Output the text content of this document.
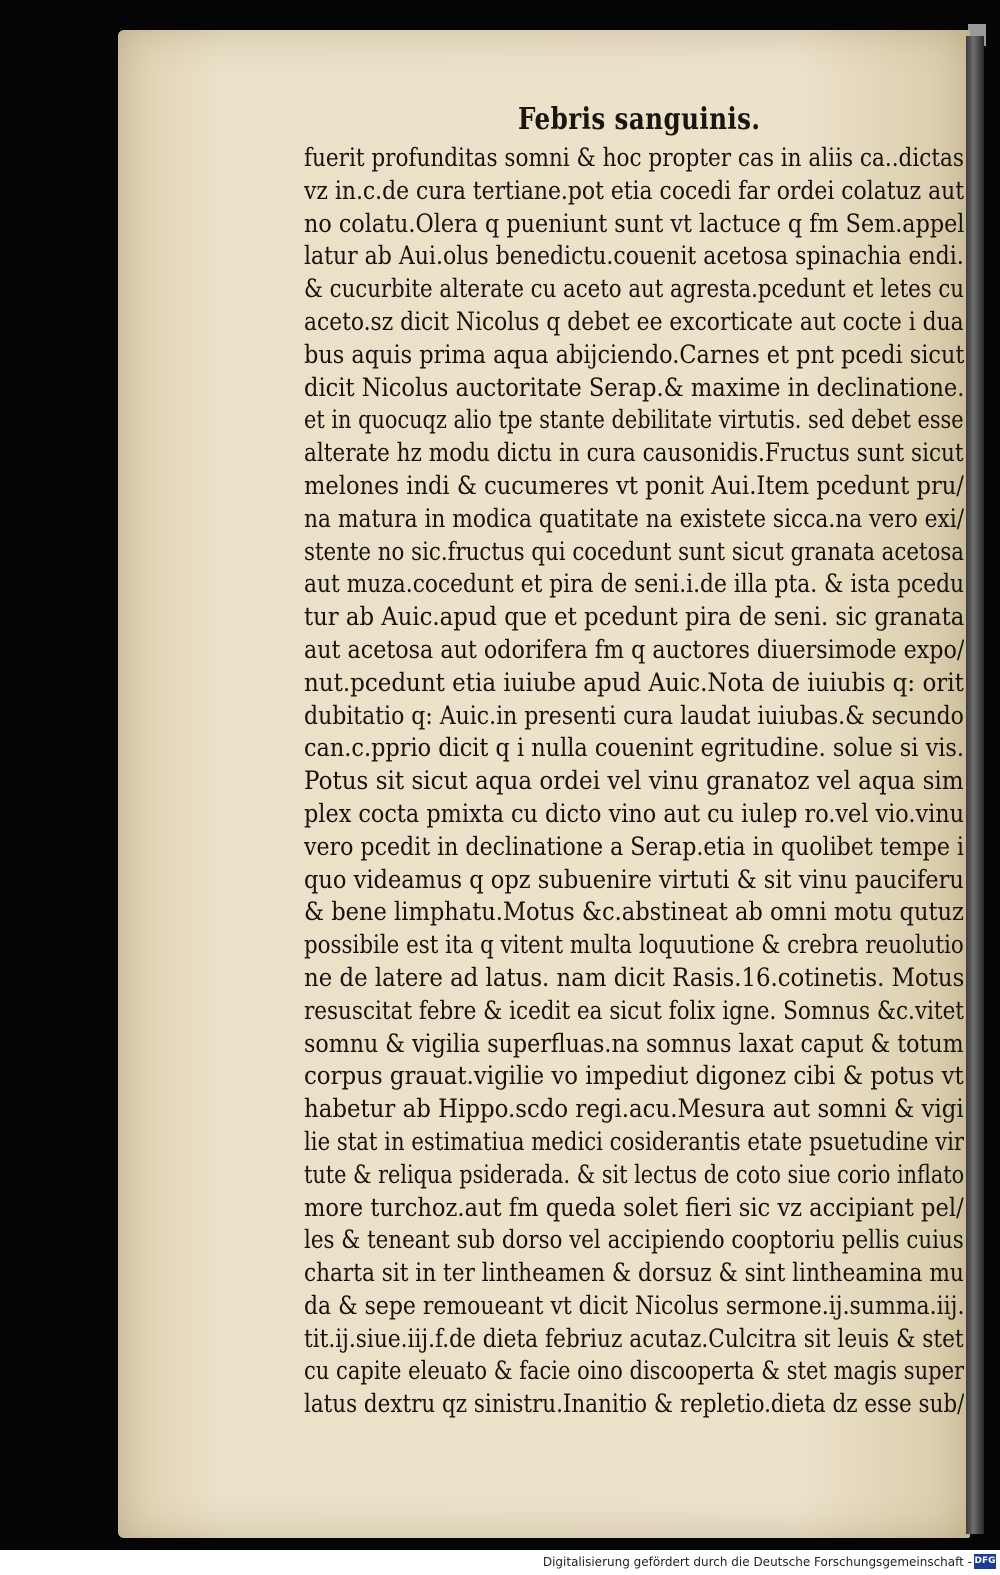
Febris sanguinis.
fuerit profunditas somni & hoc propter cas in aliis ca..dictas
vz in.c.de cura tertiane.pot etia cocedi far ordei colatuz aut
no colatu.Olera q pueniunt sunt vt lactuce q fm Sem.appel
latur ab Aui.olus benedictu.couenit acetosa spinachia endi.
& cucurbite alterate cu aceto aut agresta.pcedunt et letes cu
aceto.sz dicit Nicolus q debet ee excorticate aut cocte i dua
bus aquis prima aqua abijciendo.Carnes et pnt pcedi sicut
dicit Nicolus auctoritate Serap.& maxime in declinatione.
et in quocuqz alio tpe stante debilitate virtutis. sed debet esse
alterate hz modu dictu in cura causonidis.Fructus sunt sicut
melones indi & cucumeres vt ponit Aui.Item pcedunt pru/
na matura in modica quatitate na existete sicca.na vero exi/
stente no sic.fructus qui cocedunt sunt sicut granata acetosa
aut muza.cocedunt et pira de seni.i.de illa pta. & ista pcedu
tur ab Auic.apud que et pcedunt pira de seni. sic granata
aut acetosa aut odorifera fm q auctores diuersimode expo/
nut.pcedunt etia iuiube apud Auic.Nota de iuiubis q: orit
dubitatio q: Auic.in presenti cura laudat iuiubas.& secundo
can.c.pprio dicit q i nulla couenint egritudine. solue si vis.
Potus sit sicut aqua ordei vel vinu granatoz vel aqua sim
plex cocta pmixta cu dicto vino aut cu iulep ro.vel vio.vinu
vero pcedit in declinatione a Serap.etia in quolibet tempe i
quo videamus q opz subuenire virtuti & sit vinu pauciferu
& bene limphatu.Motus &c.abstineat ab omni motu qutuz
possibile est ita q vitent multa loquutione & crebra reuolutio
ne de latere ad latus. nam dicit Rasis.16.cotinetis. Motus
resuscitat febre & icedit ea sicut folix igne. Somnus &c.vitet
somnu & vigilia superfluas.na somnus laxat caput & totum
corpus grauat.vigilie vo impediut digonez cibi & potus vt
habetur ab Hippo.scdo regi.acu.Mesura aut somni & vigi
lie stat in estimatiua medici cosiderantis etate psuetudine vir
tute & reliqua psiderada. & sit lectus de coto siue corio inflato
more turchoz.aut fm queda solet fieri sic vz accipiant pel/
les & teneant sub dorso vel accipiendo cooptoriu pellis cuius
charta sit in ter lintheamen & dorsuz & sint lintheamina mu
da & sepe remoueant vt dicit Nicolus sermone.ij.summa.iij.
tit.ij.siue.iij.f.de dieta febriuz acutaz.Culcitra sit leuis & stet
cu capite eleuato & facie oino discooperta & stet magis super
latus dextru qz sinistru.Inanitio & repletio.dieta dz esse sub/
Digitalisierung gefördert durch die Deutsche Forschungsgemeinschaft - DFG
